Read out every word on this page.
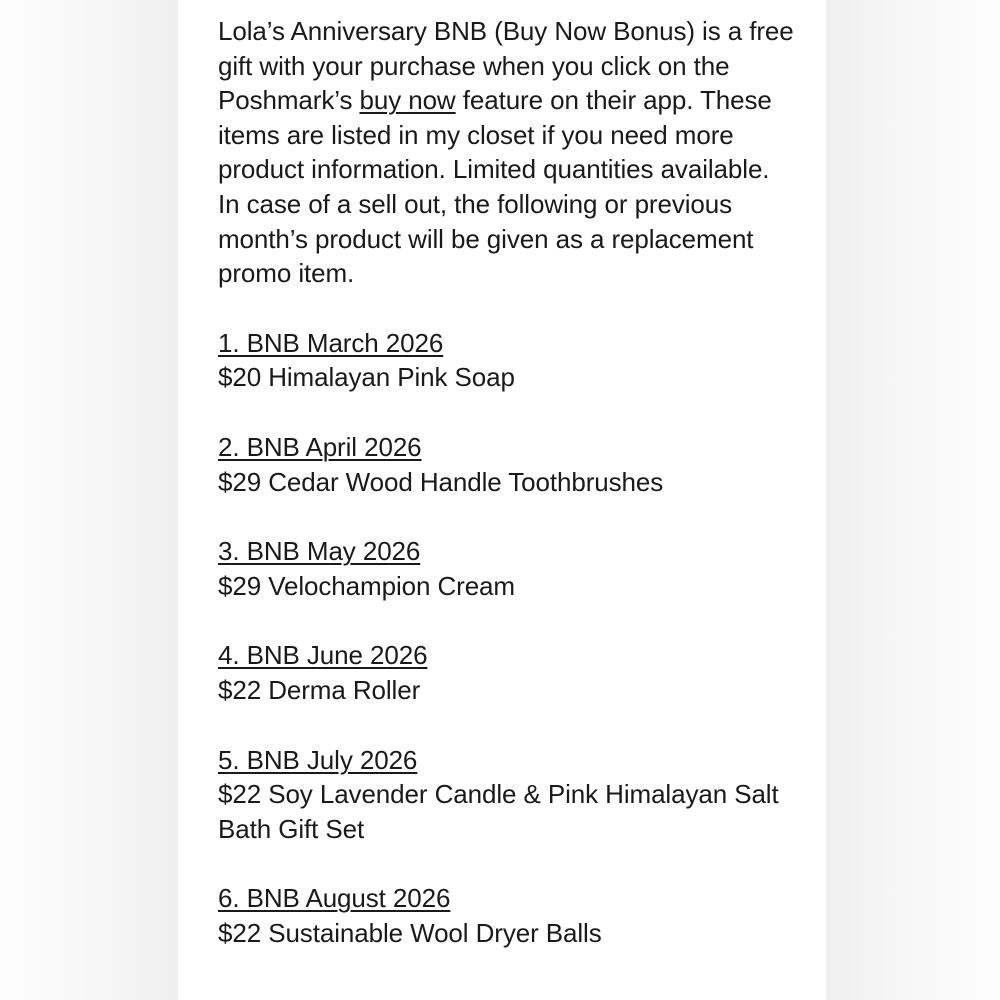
Lola’s Anniversary BNB (Buy Now Bonus) is a free gift with your purchase when you click on the Poshmark’s buy now feature on their app. These items are listed in my closet if you need more product information. Limited quantities available. In case of a sell out, the following or previous month’s product will be given as a replacement promo item.

1. BNB March 2026
$20 Himalayan Pink Soap
2. BNB April 2026
$29 Cedar Wood Handle Toothbrushes
3. BNB May 2026
$29 Velochampion Cream
4. BNB June 2026
$22 Derma Roller
5. BNB July 2026
$22 Soy Lavender Candle & Pink Himalayan Salt Bath Gift Set
6. BNB August 2026
$22 Sustainable Wool Dryer Balls
